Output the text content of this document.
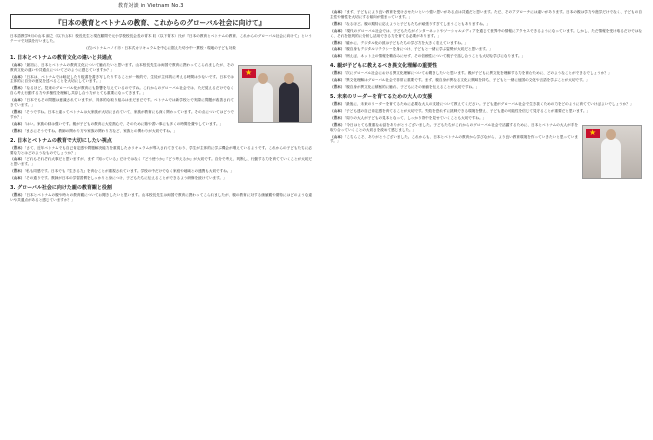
教育対談 in Vietnam No.3
『日本の教育とベトナムの教育、これからのグローバル社会に向けて』

日本語教学9月の山本 副之（以下山本）校長先生と現在顧問で元小学校校長会長の青木 収（以下青木）氏が『日本の教育とベトナムの教育、これからのグローバル社会に向けて』というテーマで対談を行いました。

(右)ベトナムハノイ市・日本式カリキュラムを中心に据えた幼小中一貫校・現地の子ども対象

1. 日本とベトナムの教育文化の違いと共通点
★

（山本）「最初に、日本とベトナムの教育文化について触れたいと思います。山本校長先生は両国で教育に携わってこられましたが、その教育文化の違いや共通点についてどのように感じていますか？」

（山本）「日本は、ベトナムでは暗記したり板書を書き写したりすることが一般的で、生徒が主体的に考える時間は少ないです。日本では主体的に自分の意見を述べることを大切にしています。」

（青木）「なるほど。従来のグローバル化が教育にも影響を与えているのですね。これからのグローバル社会では、ただ覚えるだけでなく自ら考え行動する力や多様性を理解し共存し合う力がとても重要になってきます。」

（山本）「日本でもその問題は意識されていますが、具体的な取り組みはまだまだです。ベトナムでは新学校とで実際に問題が改善されてきています。」

（青木）「そうですね。日本と違ってベトナムは大家族が大切にされていて、家族が教育にも深く関わっています。その点についてはどうですか？」

（山本）「はい。家族の絆は強いです。親が子どもの教育に大変熱心で、そのために塾や習い事にも多くの時間を費やしています。」

（青木）「まさにそうですね。教師の関わり方や家族の関わり方など、家族との関わりが大切ですね。」

2. 日本とベトナムの教育で大切にしたい視点

（青木）「さて、近年ベトナムでも自己肯定感や問題解決能力を重視したカリキュラムが導入されてきており、学生が主体的に学ぶ機会が増えているようです。これからの子どもたちに必要な力とはどのようなものでしょうか？」

（山本）「どれもそれぞれ大事だと思いますが、まず『知っている』だけではなく『どう使うか』『どう考えるか』が大切です。自分で考え、判断し、行動する力を育てていくことが大切だと思います。」

（青木）「私も同感です。日本でも『生きる力』を育むことが重視されています。学校の中だけでなく家庭や地域との連携も大切ですね。」

（山本）「その通りです。教師が日本の学習習慣をしっかりと身につけ、子どもたちに伝えることができるよう研修を続けています。」

3. グローバル社会に向けた親の教育観と役割

（青木）「日本とベトナムの親や時々の教育観についてお聞きしたいと思います。山本校長先生は両国で教育に携わってこられましたが、親の教育に対する価値観や期待にはどのような違いや共通点があると感じていますか？」

（山本）「まず、子どもにより良い教育を受けさせたいという強い思いがある点は共通だと思います。ただ、そのアプローチには違いがあります。日本の親は学力や進学だけでなく、子どもの自主性や個性を大切にする傾向が強まっています。」

（青木）「なるほど。親の期待に応えようと子どもたちが頑張りすぎてしまうこともありますね。」

（山本）「現代のグローバル社会では、子どもたちがインターネットやソーシャルメディアを通じて世界中の情報にアクセスできるようになっています。しかし、ただ情報を受け取るだけではなく、それを批判的に分析し活用できる力を育てる必要があります。」

（青木）「確かに、デジタル化の波は子どもたちの学び方を大きく変えていますね。」

（山本）「親自身もデジタルリテラシーを身につけ、子どもと一緒に学ぶ姿勢が大切だと思います。」

（山本）「例えば、ネット上の情報を鵜呑みにせず、その信頼性について親子で話し合うことも大切な学びになります。」

4. 親が子どもに教えるべき異文化理解の重要性

（青木）「次にグローバル社会における異文化理解についてお聞きしたいと思います。親が子どもに異文化を理解する力を育むために、どのようなことができるでしょうか？」

（山本）「異文化理解はグローバル社会で非常に重要です。まず、親自身が異なる文化に興味を持ち、子どもと一緒に他国の文化や言語を学ぶことが大切です。」

（青木）「親自身が異文化に積極的に触れ、子どもにその価値を伝えることが大切ですね。」

5. 未来のリーダーを育てるための大人の支援

（青木）「最後に、未来のリーダーを育てるために必要な大人の支援について教えてください。子ども達がグローバル社会で生き抜くための力をどのように育てていけばよいでしょうか？」

（山本）「子ども達の自己肯定感を育てることが大切です。失敗を恐れずに挑戦できる環境を整え、子ども達の可能性を信じて見守ることが重要だと思います。」

（青木）「周りの大人が子どもの見本となって、しっかり背中を見せていくことも大切ですね。」

★

（青木）「今日はとても貴重なお話をありがとうございました。子どもたちがこれからのグローバル社会で活躍するために、日本とベトナムの大人が手を取り合っていくことの大切さを改めて感じました。」

（山本）「こちらこそ、ありがとうございました。これからも、日本とベトナムの教育から学びながら、より良い教育環境を作っていきたいと思っています。」
